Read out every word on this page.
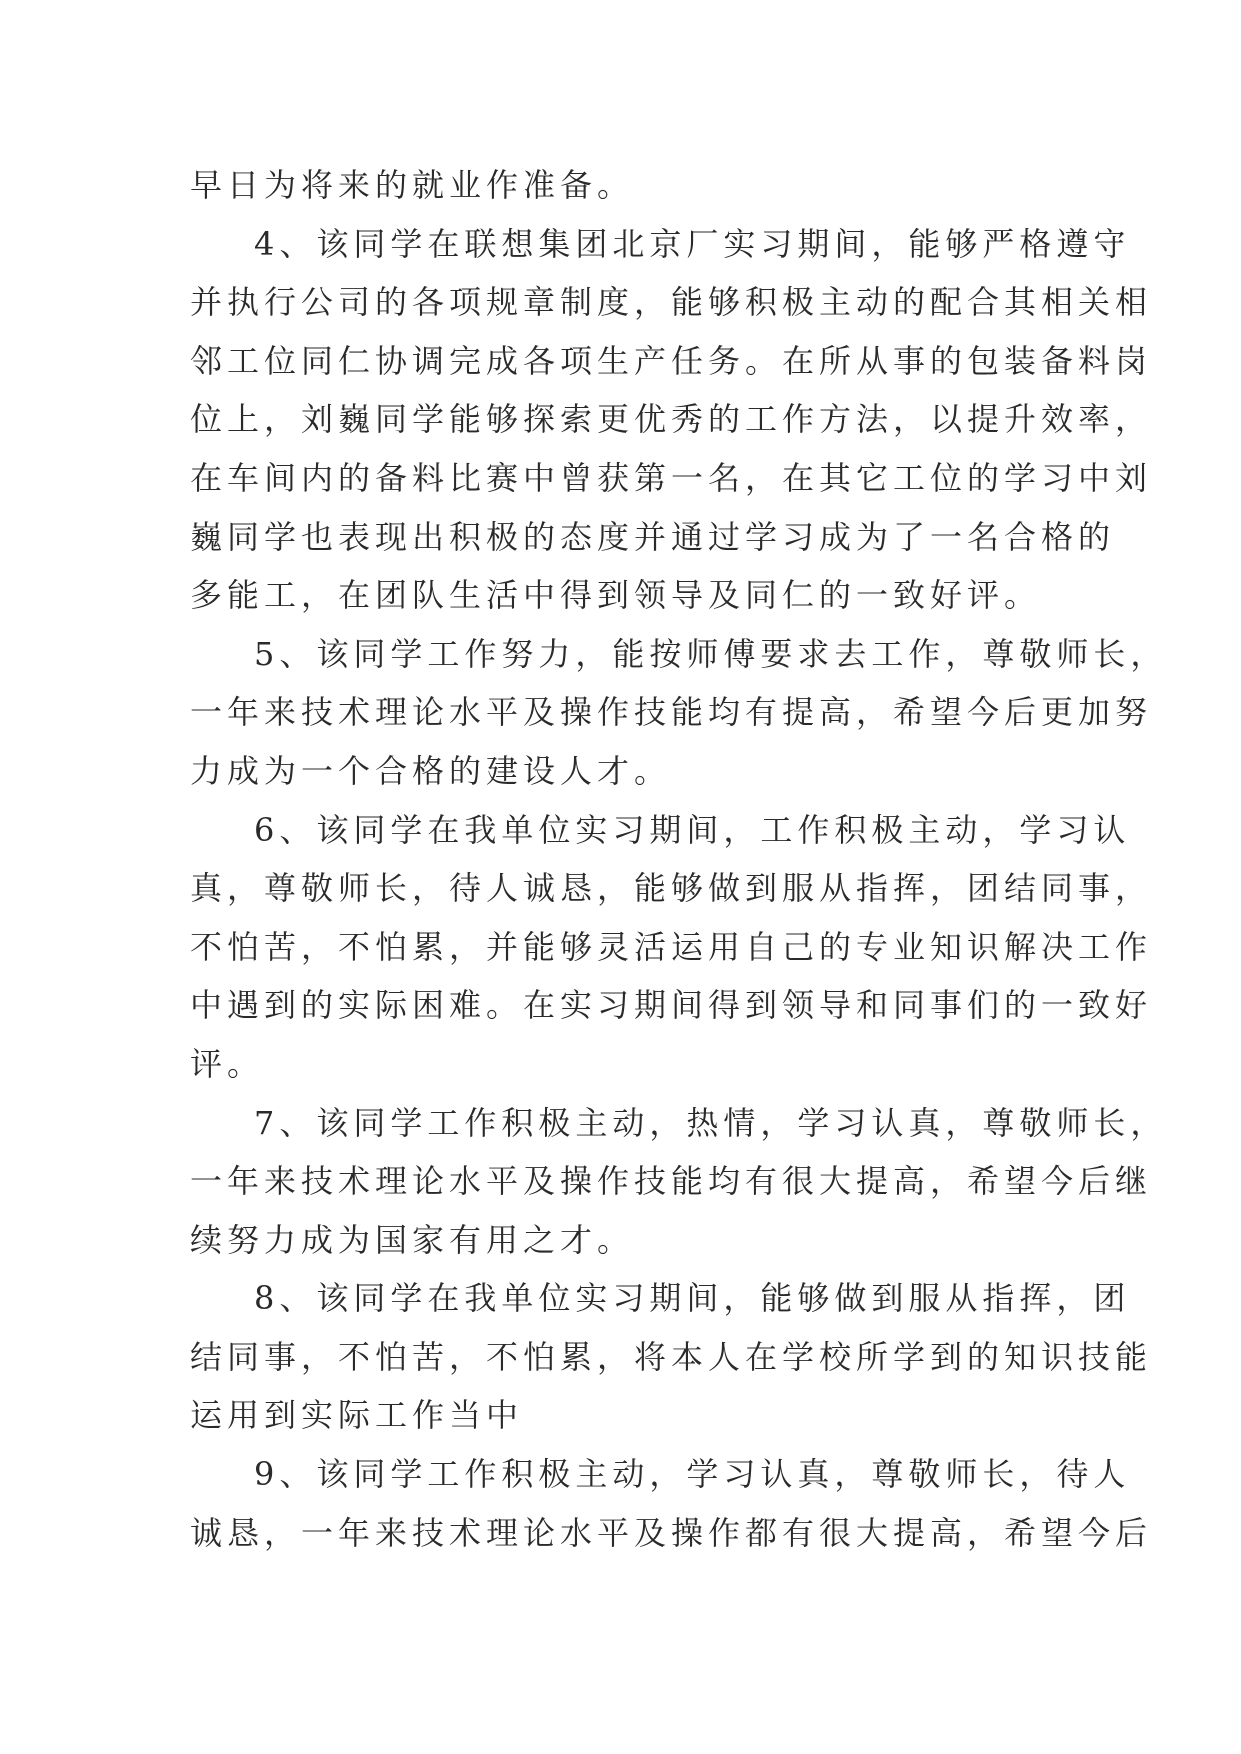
早日为将来的就业作准备。

4、该同学在联想集团北京厂实习期间，能够严格遵守

并执行公司的各项规章制度，能够积极主动的配合其相关相

邻工位同仁协调完成各项生产任务。在所从事的包装备料岗

位上，刘巍同学能够探索更优秀的工作方法，以提升效率，

在车间内的备料比赛中曾获第一名，在其它工位的学习中刘

巍同学也表现出积极的态度并通过学习成为了一名合格的

多能工，在团队生活中得到领导及同仁的一致好评。

5、该同学工作努力，能按师傅要求去工作，尊敬师长，

一年来技术理论水平及操作技能均有提高，希望今后更加努

力成为一个合格的建设人才。

6、该同学在我单位实习期间，工作积极主动，学习认

真，尊敬师长，待人诚恳，能够做到服从指挥，团结同事，

不怕苦，不怕累，并能够灵活运用自己的专业知识解决工作

中遇到的实际困难。在实习期间得到领导和同事们的一致好

评。

7、该同学工作积极主动，热情，学习认真，尊敬师长，

一年来技术理论水平及操作技能均有很大提高，希望今后继

续努力成为国家有用之才。

8、该同学在我单位实习期间，能够做到服从指挥，团

结同事，不怕苦，不怕累，将本人在学校所学到的知识技能

运用到实际工作当中

9、该同学工作积极主动，学习认真，尊敬师长，待人

诚恳，一年来技术理论水平及操作都有很大提高，希望今后
